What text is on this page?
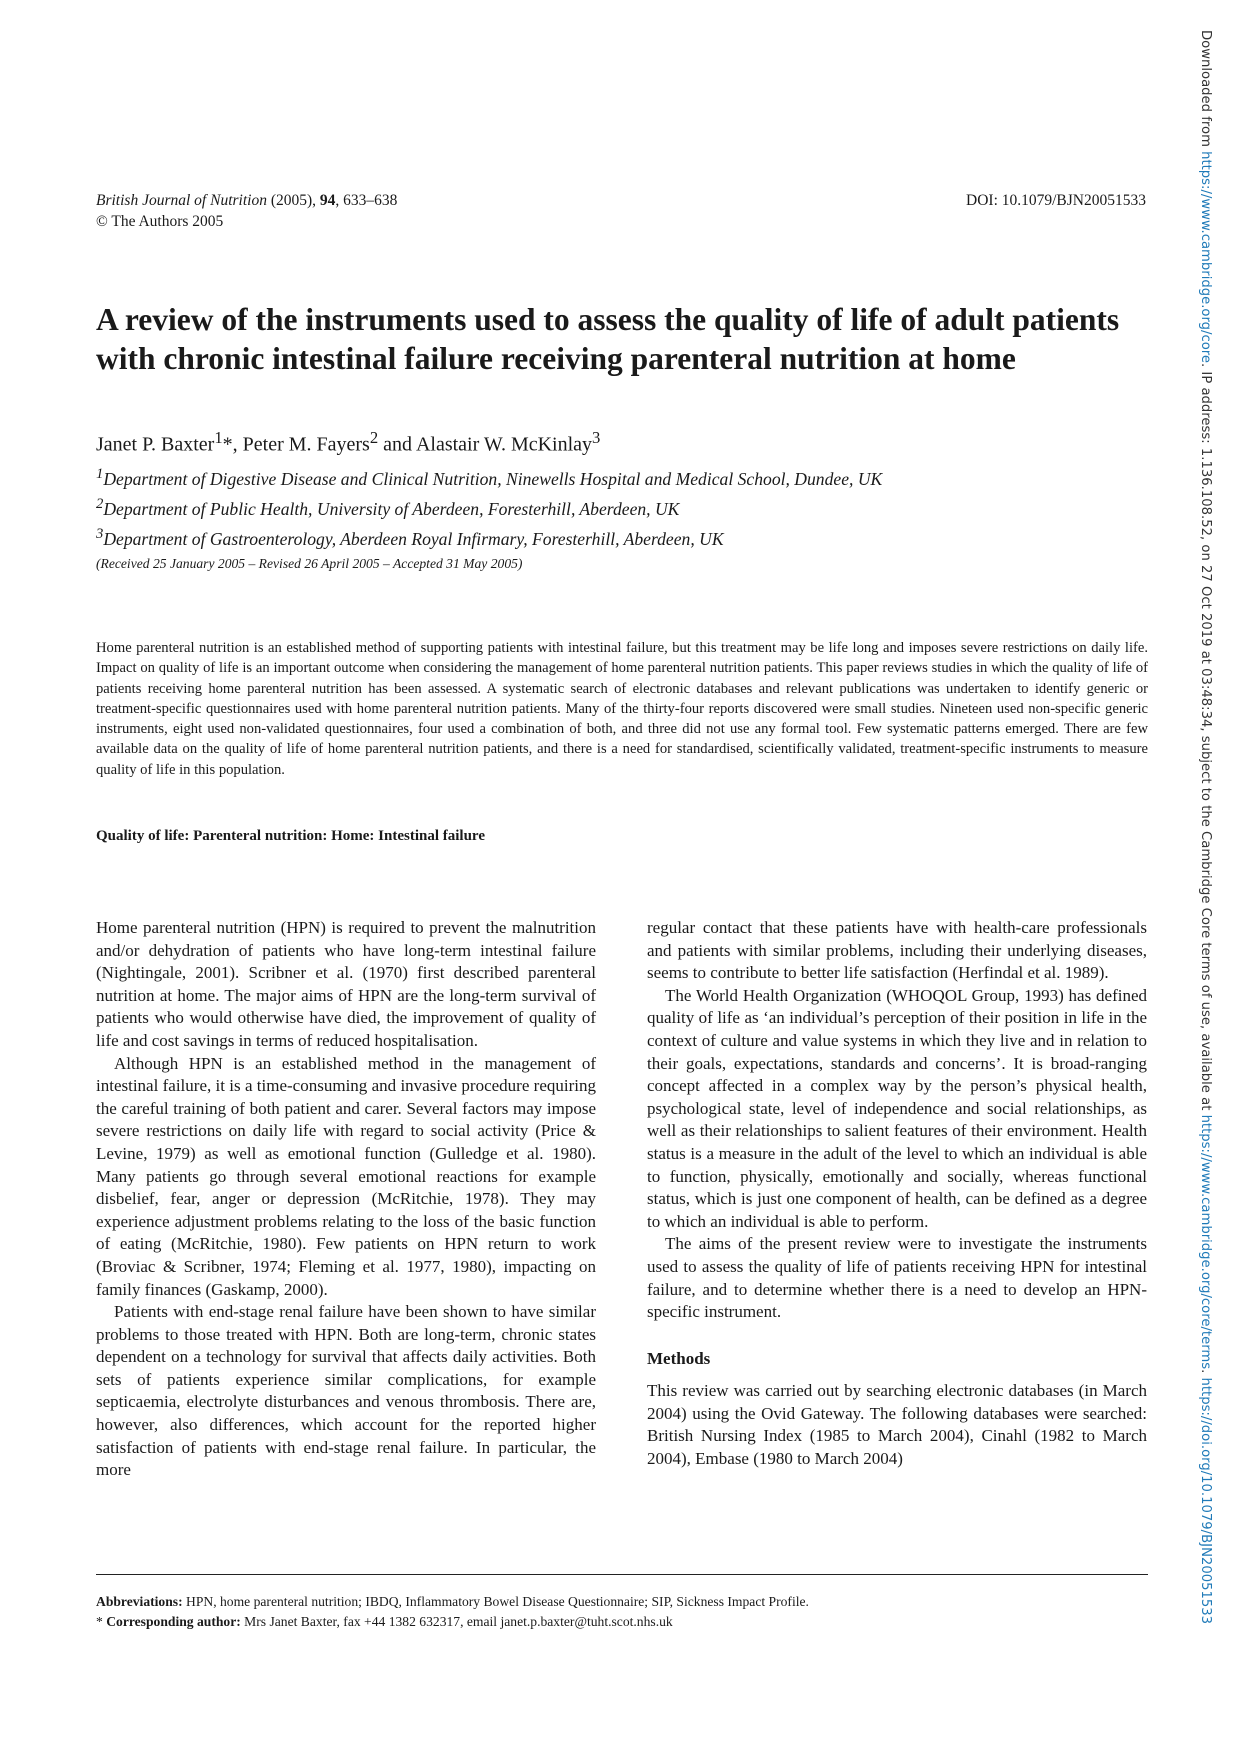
Downloaded from https://www.cambridge.org/core. IP address: 1.136.108.52, on 27 Oct 2019 at 03:48:34, subject to the Cambridge Core terms of use, available at https://www.cambridge.org/core/terms. https://doi.org/10.1079/BJN20051533
British Journal of Nutrition (2005), 94, 633–638
© The Authors 2005
DOI: 10.1079/BJN20051533
A review of the instruments used to assess the quality of life of adult patients with chronic intestinal failure receiving parenteral nutrition at home
Janet P. Baxter$^1$*, Peter M. Fayers$^2$ and Alastair W. McKinlay$^3$
$^1$Department of Digestive Disease and Clinical Nutrition, Ninewells Hospital and Medical School, Dundee, UK
$^2$Department of Public Health, University of Aberdeen, Foresterhill, Aberdeen, UK
$^3$Department of Gastroenterology, Aberdeen Royal Infirmary, Foresterhill, Aberdeen, UK
(Received 25 January 2005 – Revised 26 April 2005 – Accepted 31 May 2005)

Home parenteral nutrition is an established method of supporting patients with intestinal failure, but this treatment may be life long and imposes severe restrictions on daily life. Impact on quality of life is an important outcome when considering the management of home parenteral nutrition patients. This paper reviews studies in which the quality of life of patients receiving home parenteral nutrition has been assessed. A systematic search of electronic databases and relevant publications was undertaken to identify generic or treatment-specific questionnaires used with home parenteral nutrition patients. Many of the thirty-four reports discovered were small studies. Nineteen used non-specific generic instruments, eight used non-validated questionnaires, four used a combination of both, and three did not use any formal tool. Few systematic patterns emerged. There are few available data on the quality of life of home parenteral nutrition patients, and there is a need for standardised, scientifically validated, treatment-specific instruments to measure quality of life in this population.

Quality of life: Parenteral nutrition: Home: Intestinal failure

Home parenteral nutrition (HPN) is required to prevent the malnutrition and/or dehydration of patients who have long-term intestinal failure (Nightingale, 2001). Scribner et al. (1970) first described parenteral nutrition at home. The major aims of HPN are the long-term survival of patients who would otherwise have died, the improvement of quality of life and cost savings in terms of reduced hospitalisation.

Although HPN is an established method in the management of intestinal failure, it is a time-consuming and invasive procedure requiring the careful training of both patient and carer. Several factors may impose severe restrictions on daily life with regard to social activity (Price & Levine, 1979) as well as emotional function (Gulledge et al. 1980). Many patients go through several emotional reactions for example disbelief, fear, anger or depression (McRitchie, 1978). They may experience adjustment problems relating to the loss of the basic function of eating (McRitchie, 1980). Few patients on HPN return to work (Broviac & Scribner, 1974; Fleming et al. 1977, 1980), impacting on family finances (Gaskamp, 2000).

Patients with end-stage renal failure have been shown to have similar problems to those treated with HPN. Both are long-term, chronic states dependent on a technology for survival that affects daily activities. Both sets of patients experience similar complications, for example septicaemia, electrolyte disturbances and venous thrombosis. There are, however, also differences, which account for the reported higher satisfaction of patients with end-stage renal failure. In particular, the more

regular contact that these patients have with health-care professionals and patients with similar problems, including their underlying diseases, seems to contribute to better life satisfaction (Herfindal et al. 1989).

The World Health Organization (WHOQOL Group, 1993) has defined quality of life as ‘an individual’s perception of their position in life in the context of culture and value systems in which they live and in relation to their goals, expectations, standards and concerns’. It is broad-ranging concept affected in a complex way by the person’s physical health, psychological state, level of independence and social relationships, as well as their relationships to salient features of their environment. Health status is a measure in the adult of the level to which an individual is able to function, physically, emotionally and socially, whereas functional status, which is just one component of health, can be defined as a degree to which an individual is able to perform.

The aims of the present review were to investigate the instruments used to assess the quality of life of patients receiving HPN for intestinal failure, and to determine whether there is a need to develop an HPN-specific instrument.

Methods

This review was carried out by searching electronic databases (in March 2004) using the Ovid Gateway. The following databases were searched: British Nursing Index (1985 to March 2004), Cinahl (1982 to March 2004), Embase (1980 to March 2004)

Abbreviations: HPN, home parenteral nutrition; IBDQ, Inflammatory Bowel Disease Questionnaire; SIP, Sickness Impact Profile.
* Corresponding author: Mrs Janet Baxter, fax +44 1382 632317, email janet.p.baxter@tuht.scot.nhs.uk
